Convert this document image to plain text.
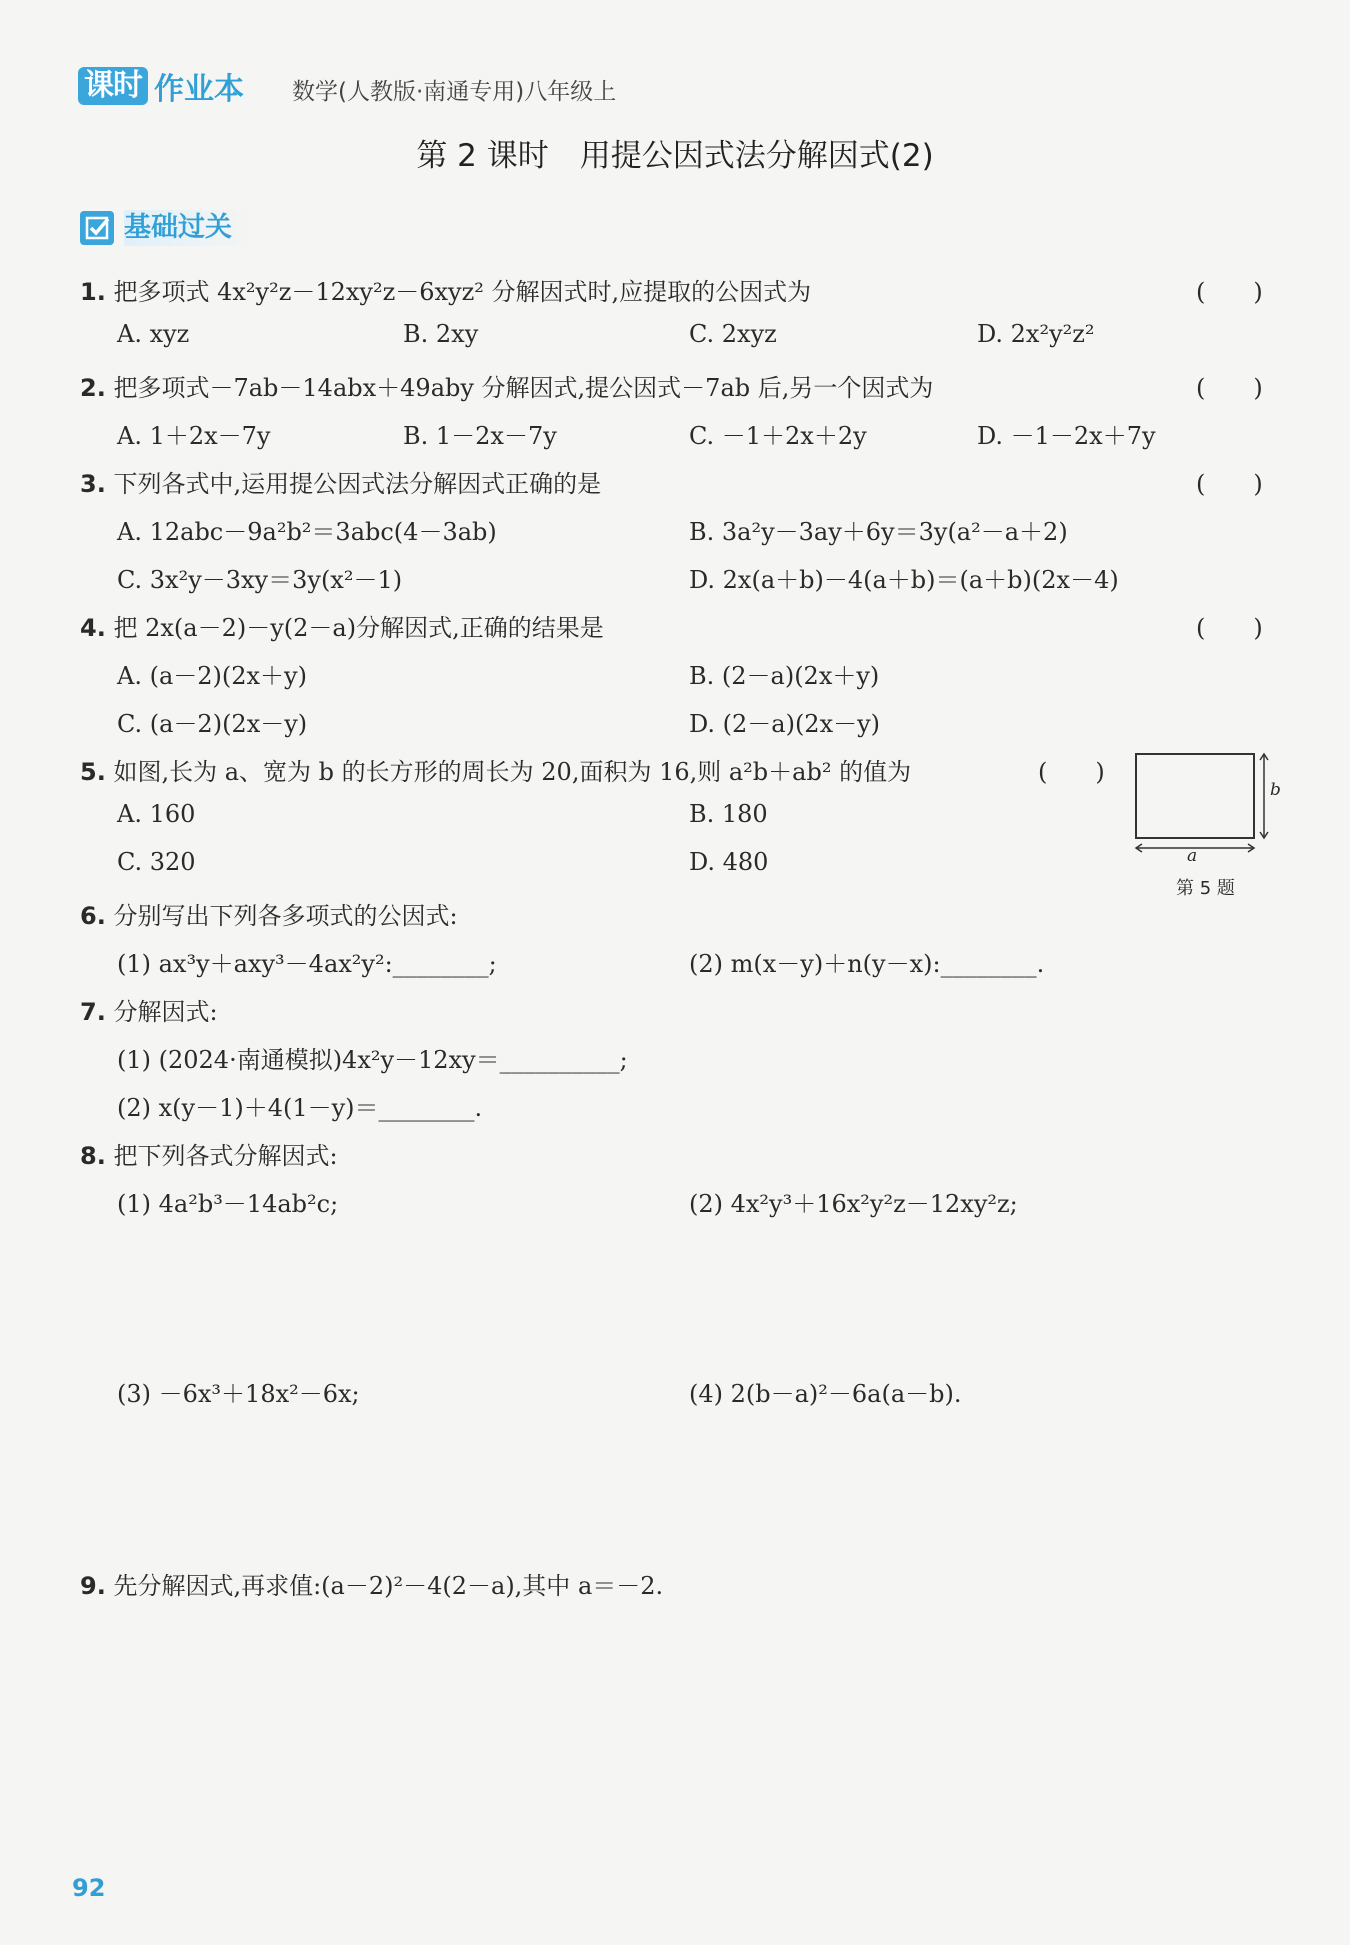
课时 作业本 数学(人教版·南通专用)八年级上
第 2 课时　用提公因式法分解因式(2)
基础过关
1. 把多项式 4x²y²z－12xy²z－6xyz² 分解因式时,应提取的公因式为	(　　)
A. xyz	B. 2xy	C. 2xyz	D. 2x²y²z²
2. 把多项式－7ab－14abx＋49aby 分解因式,提公因式－7ab 后,另一个因式为	(　　)
A. 1＋2x－7y	B. 1－2x－7y	C. －1＋2x＋2y	D. －1－2x＋7y
3. 下列各式中,运用提公因式法分解因式正确的是	(　　)
A. 12abc－9a²b²＝3abc(4－3ab)	B. 3a²y－3ay＋6y＝3y(a²－a＋2)
C. 3x²y－3xy＝3y(x²－1)	D. 2x(a＋b)－4(a＋b)＝(a＋b)(2x－4)
4. 把 2x(a－2)－y(2－a)分解因式,正确的结果是	(　　)
A. (a－2)(2x＋y)	B. (2－a)(2x＋y)
C. (a－2)(2x－y)	D. (2－a)(2x－y)
5. 如图,长为 a、宽为 b 的长方形的周长为 20,面积为 16,则 a²b＋ab² 的值为	(　　)
A. 160	B. 180
C. 320	D. 480
b
a
第 5 题
6. 分别写出下列各多项式的公因式:
(1) ax³y＋axy³－4ax²y²:________;	(2) m(x－y)＋n(y－x):________.
7. 分解因式:
(1) (2024·南通模拟)4x²y－12xy＝__________;
(2) x(y－1)＋4(1－y)＝________.
8. 把下列各式分解因式:
(1) 4a²b³－14ab²c;	(2) 4x²y³＋16x²y²z－12xy²z;
(3) －6x³＋18x²－6x;	(4) 2(b－a)²－6a(a－b).
9. 先分解因式,再求值:(a－2)²－4(2－a),其中 a＝－2.
92
